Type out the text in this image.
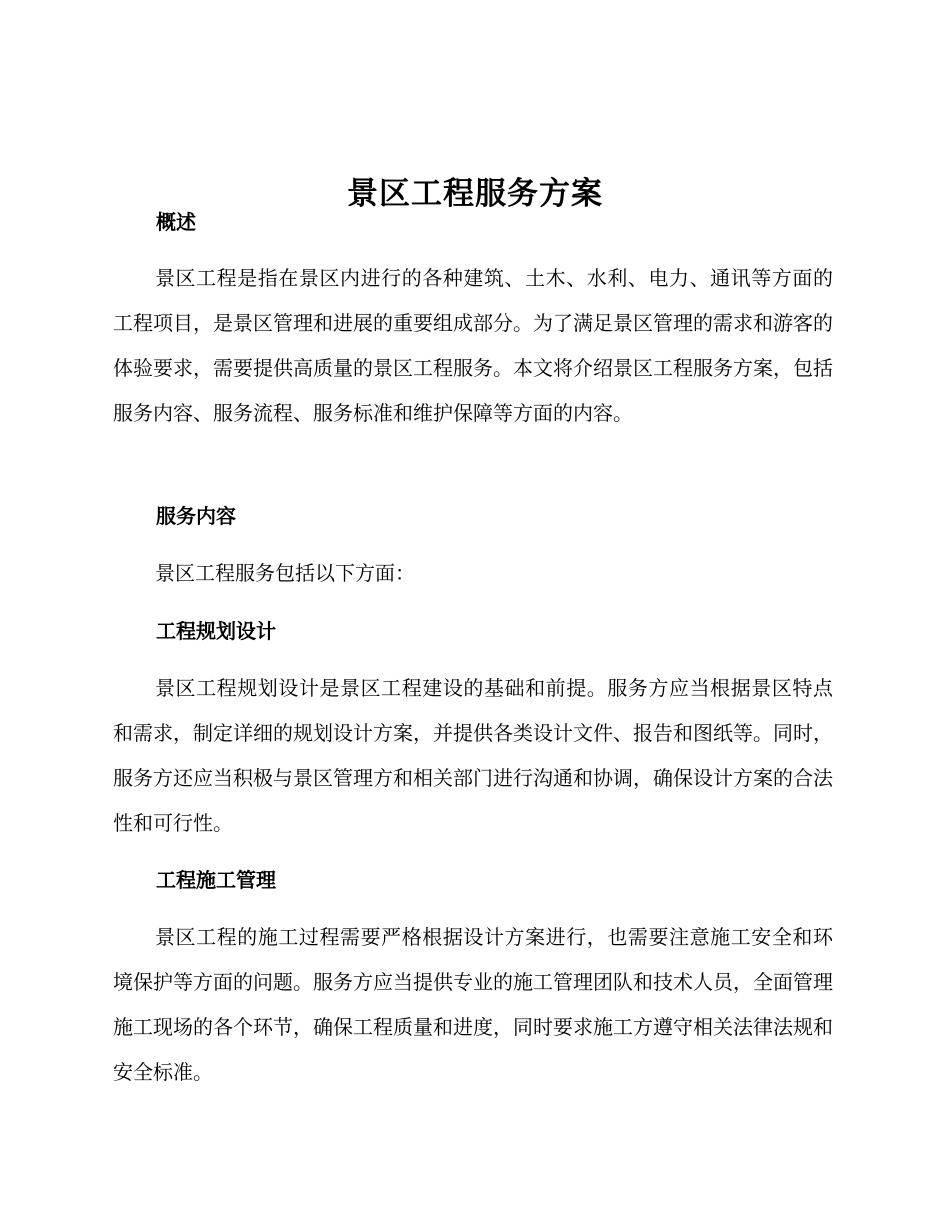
景区工程服务方案
概述

景区工程是指在景区内进行的各种建筑、土木、水利、电力、通讯等方面的工程项目，是景区管理和进展的重要组成部分。为了满足景区管理的需求和游客的体验要求，需要提供高质量的景区工程服务。本文将介绍景区工程服务方案，包括服务内容、服务流程、服务标准和维护保障等方面的内容。

服务内容

景区工程服务包括以下方面：

工程规划设计

景区工程规划设计是景区工程建设的基础和前提。服务方应当根据景区特点和需求，制定详细的规划设计方案，并提供各类设计文件、报告和图纸等。同时，服务方还应当积极与景区管理方和相关部门进行沟通和协调，确保设计方案的合法性和可行性。

工程施工管理

景区工程的施工过程需要严格根据设计方案进行，也需要注意施工安全和环境保护等方面的问题。服务方应当提供专业的施工管理团队和技术人员，全面管理施工现场的各个环节，确保工程质量和进度，同时要求施工方遵守相关法律法规和安全标准。
